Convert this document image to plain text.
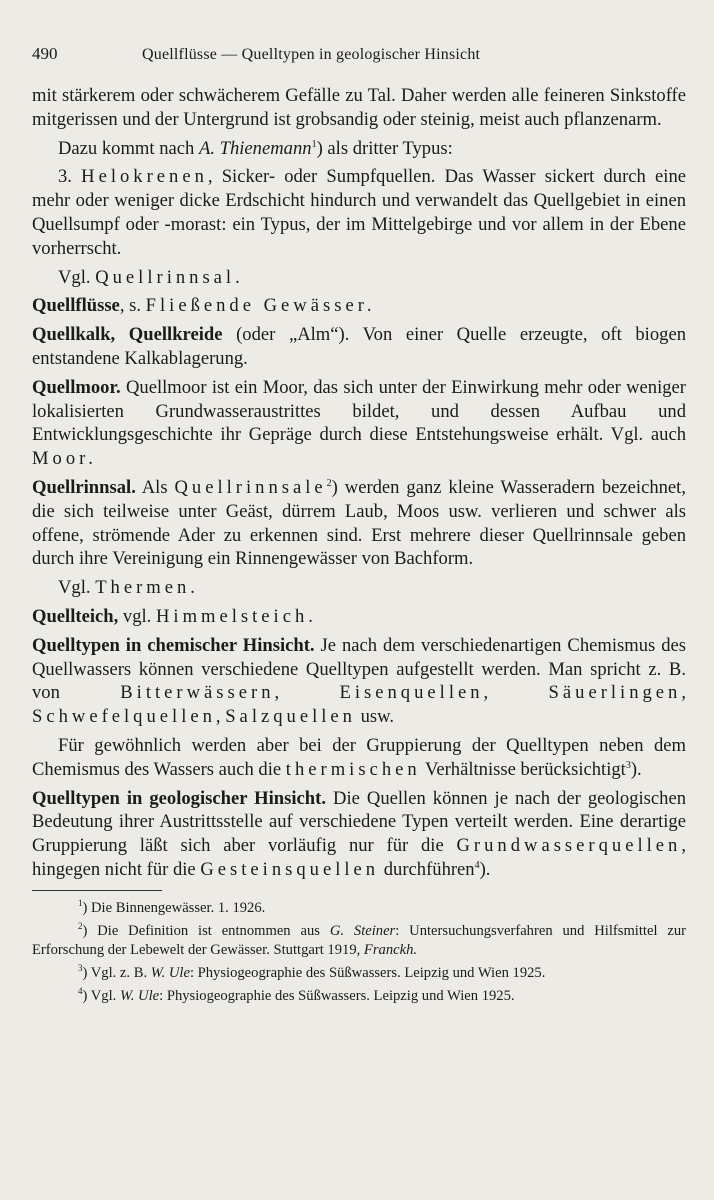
490	Quellflüsse — Quelltypen in geologischer Hinsicht

mit stärkerem oder schwächerem Gefälle zu Tal. Daher werden alle feineren Sinkstoffe mitgerissen und der Untergrund ist grobsandig oder steinig, meist auch pflanzenarm.

Dazu kommt nach A. Thienemann$^1$) als dritter Typus:

3. Helokrenen, Sicker- oder Sumpfquellen. Das Wasser sickert durch eine mehr oder weniger dicke Erdschicht hindurch und verwandelt das Quellgebiet in einen Quellsumpf oder -morast: ein Typus, der im Mittelgebirge und vor allem in der Ebene vorherrscht.

Vgl. Quellrinnsal.

Quellflüsse, s. Fließende Gewässer.

Quellkalk, Quellkreide (oder „Alm“). Von einer Quelle erzeugte, oft biogen entstandene Kalkablagerung.

Quellmoor. Quellmoor ist ein Moor, das sich unter der Einwirkung mehr oder weniger lokalisierten Grundwasseraustrittes bildet, und dessen Aufbau und Entwicklungsgeschichte ihr Gepräge durch diese Entstehungsweise erhält. Vgl. auch Moor.

Quellrinnsal. Als Quellrinnsale$^2$) werden ganz kleine Wasseradern bezeichnet, die sich teilweise unter Geäst, dürrem Laub, Moos usw. verlieren und schwer als offene, strömende Ader zu erkennen sind. Erst mehrere dieser Quellrinnsale geben durch ihre Vereinigung ein Rinnengewässer von Bachform.

Vgl. Thermen.

Quellteich, vgl. Himmelsteich.

Quelltypen in chemischer Hinsicht. Je nach dem verschiedenartigen Chemismus des Quellwassers können verschiedene Quelltypen aufgestellt werden. Man spricht z. B. von Bitterwässern, Eisenquellen, Säuerlingen, Schwefelquellen, Salzquellen usw.

Für gewöhnlich werden aber bei der Gruppierung der Quelltypen neben dem Chemismus des Wassers auch die thermischen Verhältnisse berücksichtigt$^3$).

Quelltypen in geologischer Hinsicht. Die Quellen können je nach der geologischen Bedeutung ihrer Austrittsstelle auf verschiedene Typen verteilt werden. Eine derartige Gruppierung läßt sich aber vorläufig nur für die Grundwasserquellen, hingegen nicht für die Gesteinsquellen durchführen$^4$).

$^1$) Die Binnengewässer. 1. 1926.

$^2$) Die Definition ist entnommen aus G. Steiner: Untersuchungsverfahren und Hilfsmittel zur Erforschung der Lebewelt der Gewässer. Stuttgart 1919, Franckh.

$^3$) Vgl. z. B. W. Ule: Physiogeographie des Süßwassers. Leipzig und Wien 1925.

$^4$) Vgl. W. Ule: Physiogeographie des Süßwassers. Leipzig und Wien 1925.
